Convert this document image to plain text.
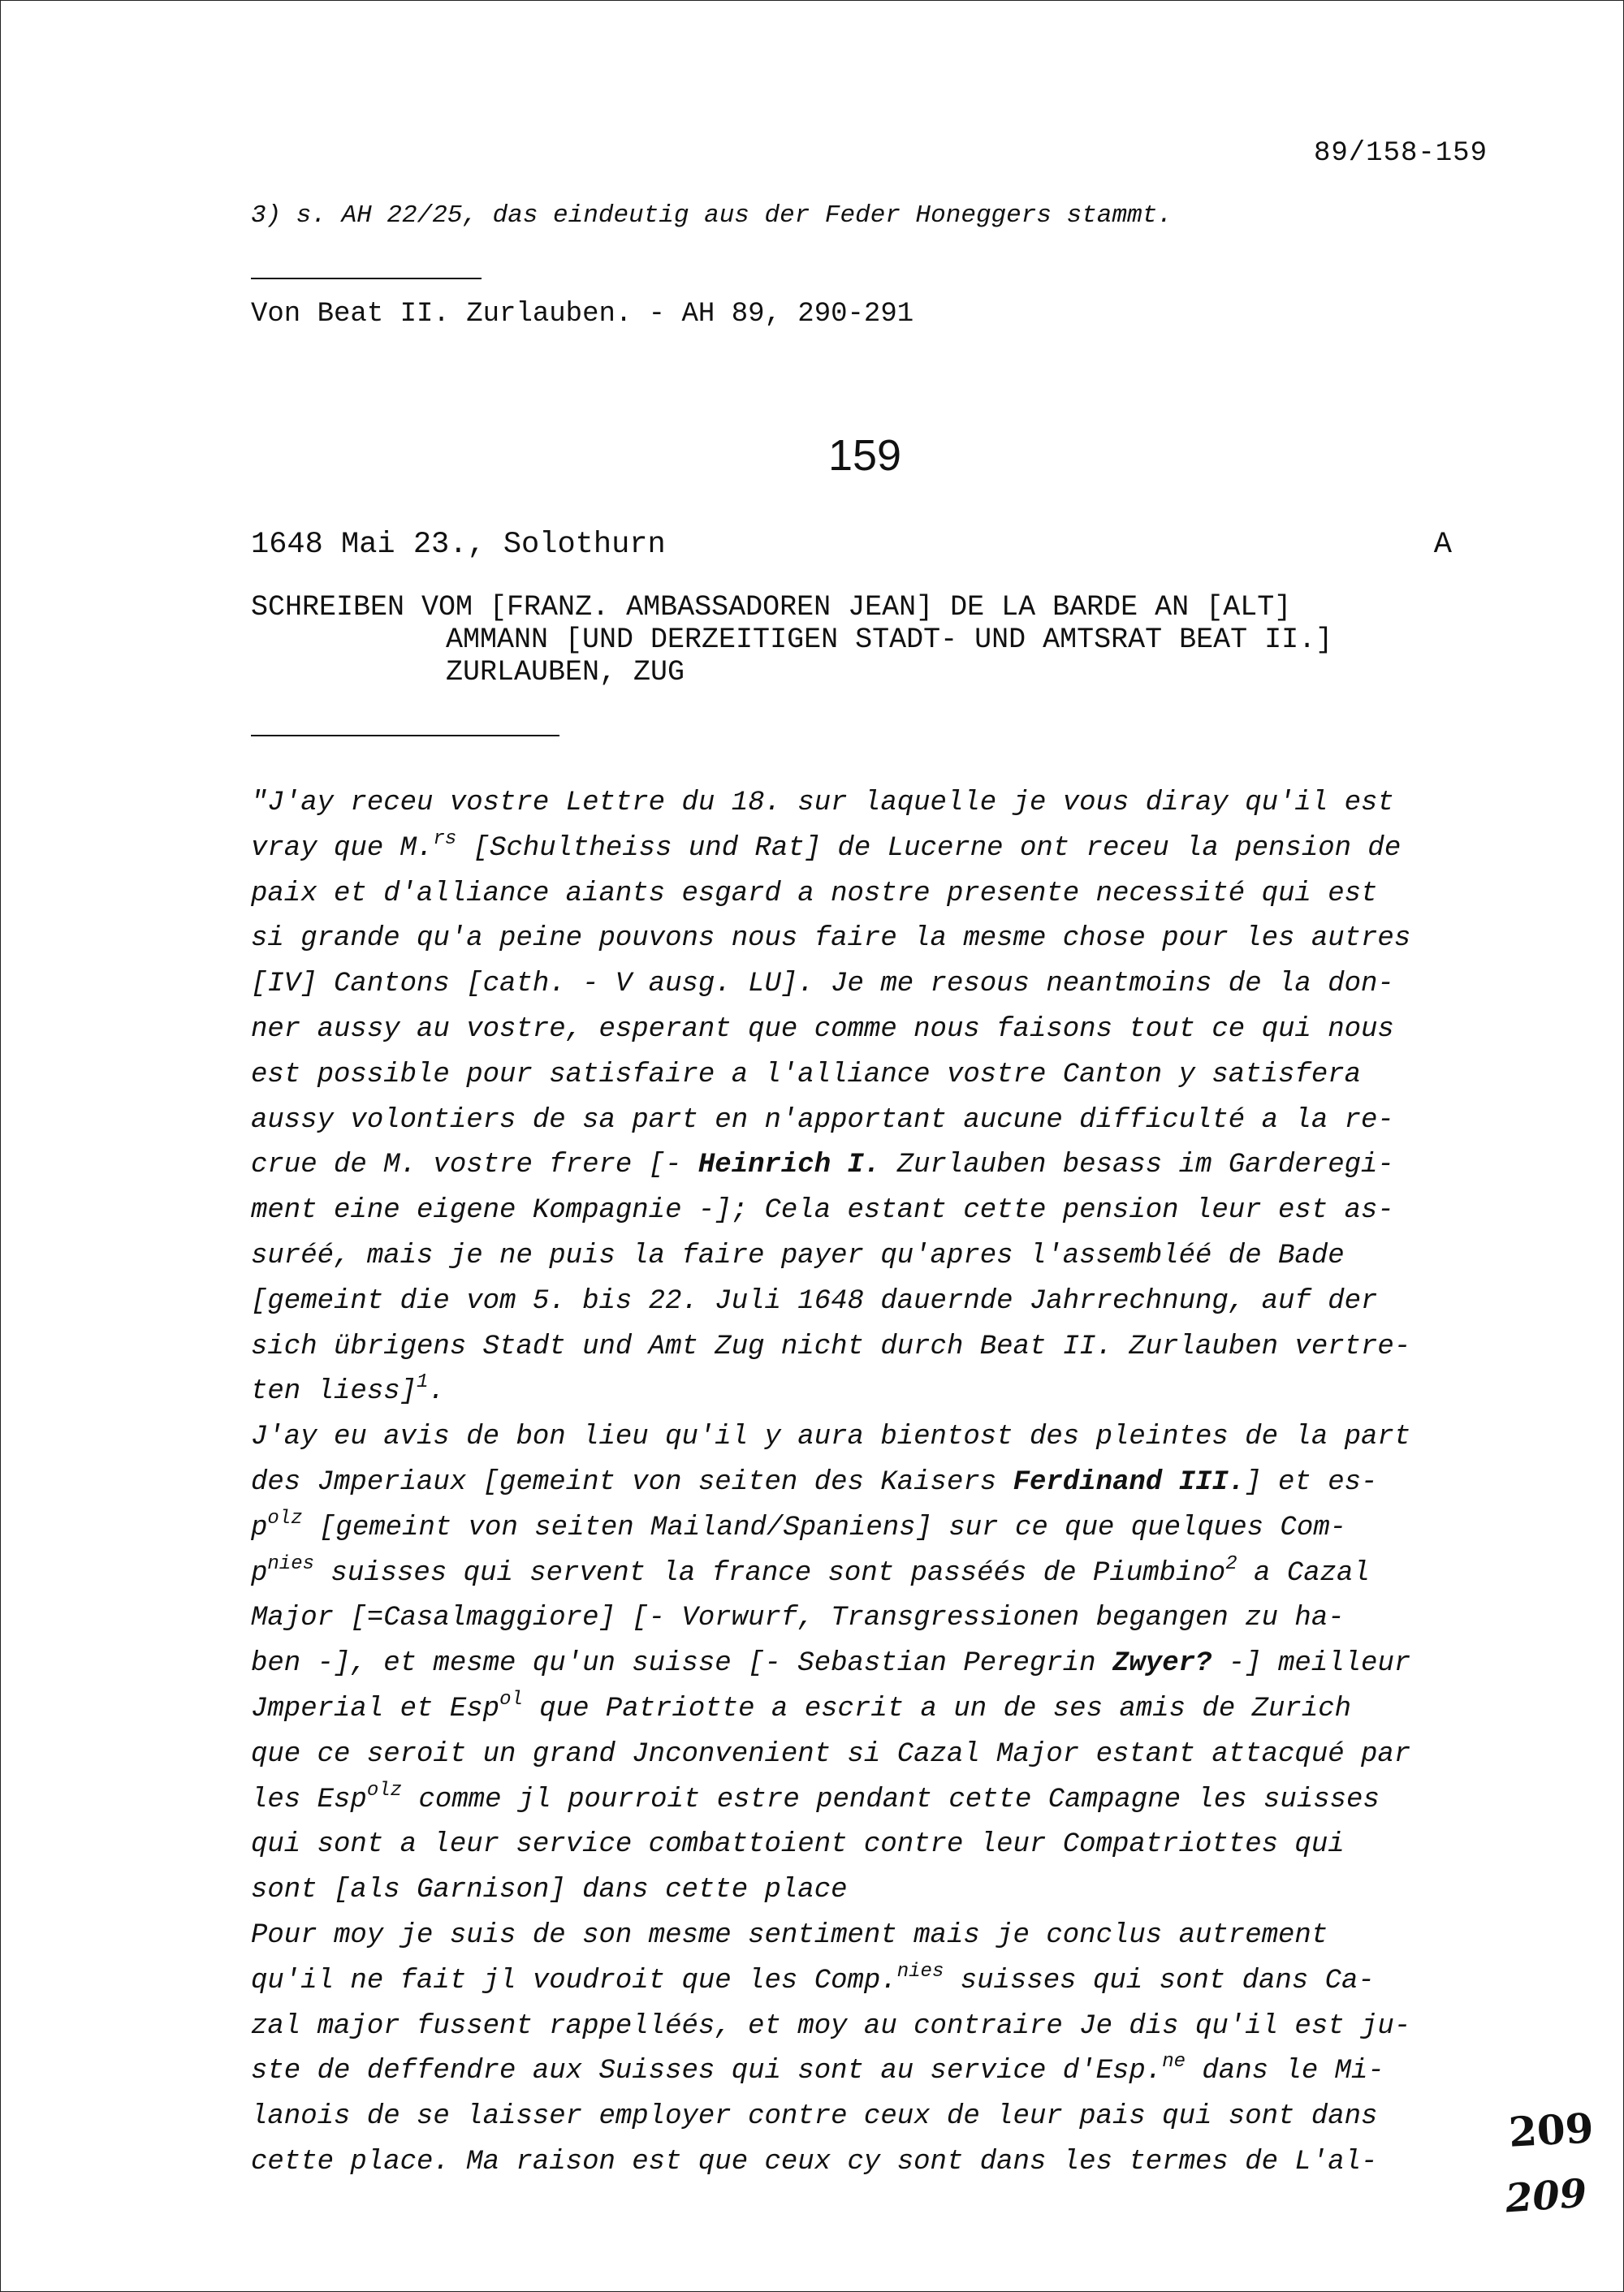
89/158-159
3) s. AH 22/25, das eindeutig aus der Feder Honeggers stammt.
Von Beat II. Zurlauben. - AH 89, 290-291
159
1648 Mai 23., Solothurn	A
SCHREIBEN VOM [FRANZ. AMBASSADOREN JEAN] DE LA BARDE AN [ALT]
AMMANN [UND DERZEITIGEN STADT- UND AMTSRAT BEAT II.]
ZURLAUBEN, ZUG
"J'ay receu vostre Lettre du 18. sur laquelle je vous diray qu'il est
vray que M.$^{rs}$ [Schultheiss und Rat] de Lucerne ont receu la pension de
paix et d'alliance aiants esgard a nostre presente necessité qui est
si grande qu'a peine pouvons nous faire la mesme chose pour les autres
[IV] Cantons [cath. - V ausg. LU]. Je me resous neantmoins de la don-
ner aussy au vostre, esperant que comme nous faisons tout ce qui nous
est possible pour satisfaire a l'alliance vostre Canton y satisfera
aussy volontiers de sa part en n'apportant aucune difficulté a la re-
crue de M. vostre frere [- Heinrich I. Zurlauben besass im Garderegi-
ment eine eigene Kompagnie -]; Cela estant cette pension leur est as-
suréé, mais je ne puis la faire payer qu'apres l'assembléé de Bade
[gemeint die vom 5. bis 22. Juli 1648 dauernde Jahrrechnung, auf der
sich übrigens Stadt und Amt Zug nicht durch Beat II. Zurlauben vertre-
ten liess]$^1$.
J'ay eu avis de bon lieu qu'il y aura bientost des pleintes de la part
des Jmperiaux [gemeint von seiten des Kaisers Ferdinand III.] et es-
$p^{olz}$ [gemeint von seiten Mailand/Spaniens] sur ce que quelques Com-
$p^{nies}$ suisses qui servent la france sont passéés de Piumbino$^2$ a Cazal
Major [=Casalmaggiore] [- Vorwurf, Transgressionen begangen zu ha-
ben -], et mesme qu'un suisse [- Sebastian Peregrin Zwyer? -] meilleur
Jmperial et Esp$^{ol}$ que Patriotte a escrit a un de ses amis de Zurich
que ce seroit un grand Jnconvenient si Cazal Major estant attacqué par
les Esp$^{olz}$ comme jl pourroit estre pendant cette Campagne les suisses
qui sont a leur service combattoient contre leur Compatriottes qui
sont [als Garnison] dans cette place
Pour moy je suis de son mesme sentiment mais je conclus autrement
qu'il ne fait jl voudroit que les Comp.$^{nies}$ suisses qui sont dans Ca-
zal major fussent rappelléés, et moy au contraire Je dis qu'il est ju-
ste de deffendre aux Suisses qui sont au service d'Esp.$^{ne}$ dans le Mi-
lanois de se laisser employer contre ceux de leur pais qui sont dans
cette place. Ma raison est que ceux cy sont dans les termes de L'al-
209
209
